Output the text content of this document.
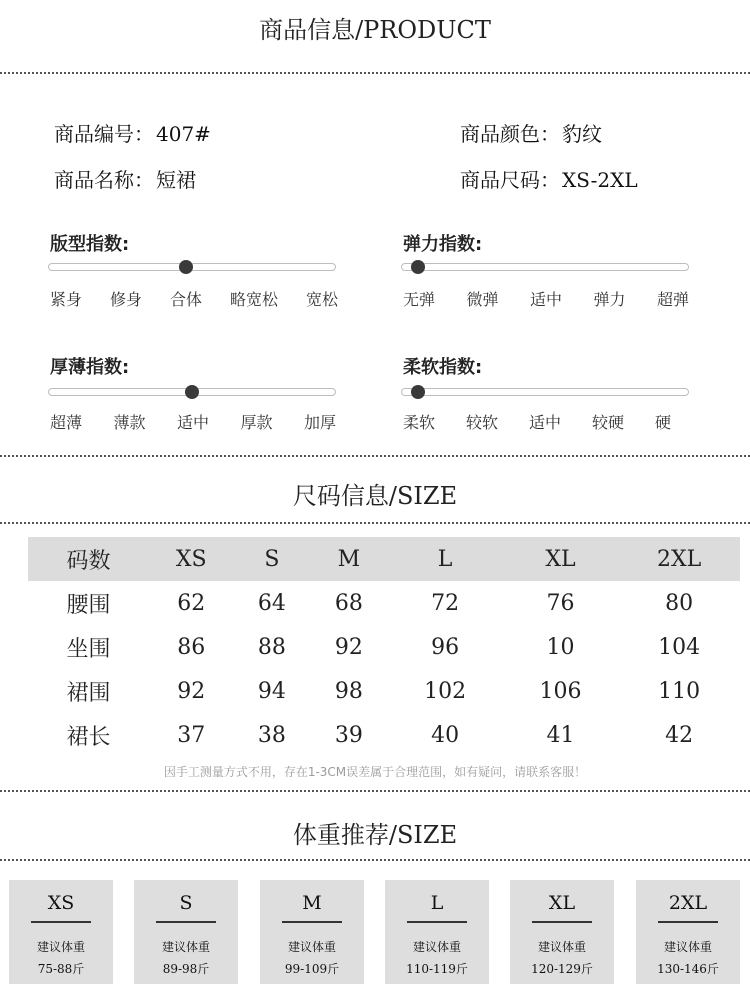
商品信息/PRODUCT
商品编号： 407#	商品颜色： 豹纹
商品名称： 短裙	商品尺码： XS-2XL
版型指数:
紧身 修身 合体 略宽松 宽松
弹力指数:
无弹 微弹 适中 弹力 超弹
厚薄指数:
超薄 薄款 适中 厚款 加厚
柔软指数:
柔软 较软 适中 较硬 硬
尺码信息/SIZE
码数	XS	S	M	L	XL	2XL
腰围	62	64	68	72	76	80
坐围	86	88	92	96	10	104
裙围	92	94	98	102	106	110
裙长	37	38	39	40	41	42
因手工测量方式不用，存在1-3CM误差属于合理范围，如有疑问，请联系客服！
体重推荐/SIZE
XS
建议体重
75-88斤
S
建议体重
89-98斤
M
建议体重
99-109斤
L
建议体重
110-119斤
XL
建议体重
120-129斤
2XL
建议体重
130-146斤
